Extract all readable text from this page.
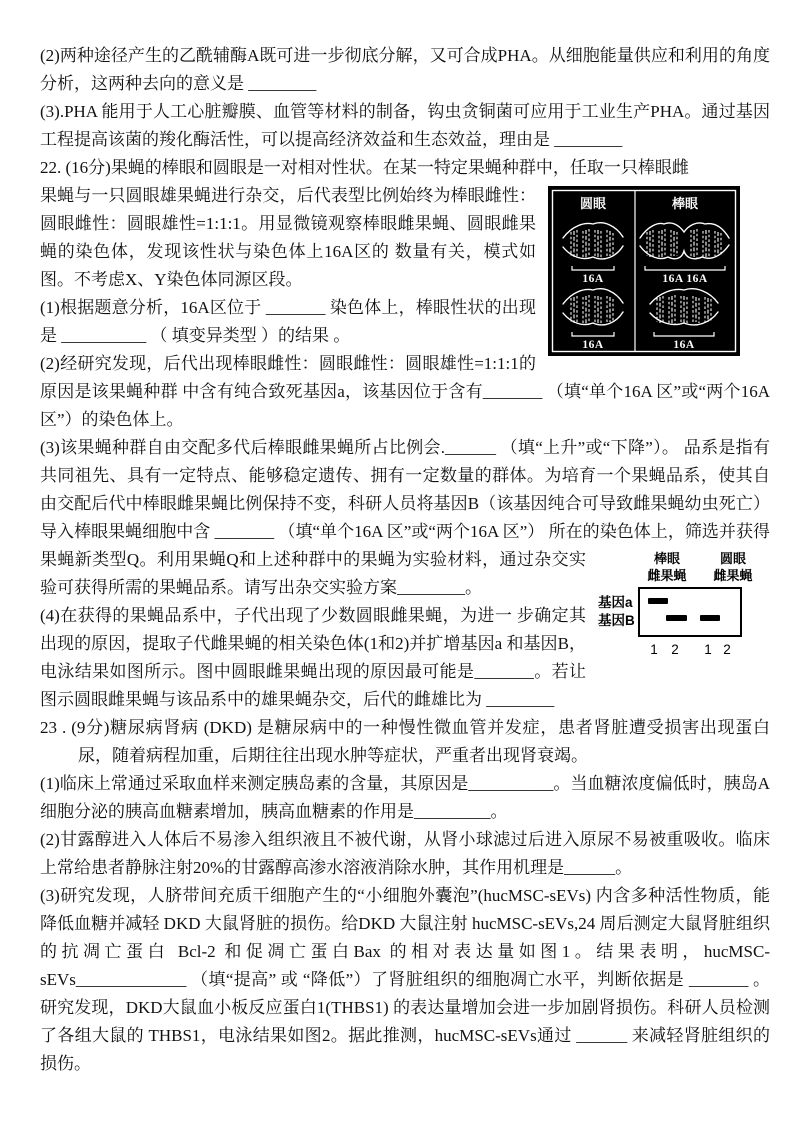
(2)两种途径产生的乙酰辅酶A既可进一步彻底分解，又可合成PHA。从细胞能量供应和利用的角度分析，这两种去向的意义是 ________

(3).PHA 能用于人工心脏瓣膜、血管等材料的制备，钩虫贪铜菌可应用于工业生产PHA。通过基因工程提高该菌的羧化酶活性，可以提高经济效益和生态效益，理由是 ________

22. (16分)果蝇的棒眼和圆眼是一对相对性状。在某一特定果蝇种群中，任取一只棒眼雌

圆眼	棒眼
16A	16A 16A
16A	16A

果蝇与一只圆眼雄果蝇进行杂交，后代表型比例始终为棒眼雌性：圆眼雌性：圆眼雄性=1:1:1。用显微镜观察棒眼雌果蝇、圆眼雌果蝇的染色体，发现该性状与染色体上16A区的 数量有关，模式如图。不考虑X、Y染色体同源区段。

(1)根据题意分析，16A区位于 _______ 染色体上，棒眼性状的出现是 __________ （ 填变异类型 ）的结果 。

(2)经研究发现，后代出现棒眼雌性：圆眼雌性：圆眼雄性=1:1:1的原因是该果蝇种群 中含有纯合致死基因a，该基因位于含有_______ （填“单个16A 区”或“两个16A区”）的染色体上。

(3)该果蝇种群自由交配多代后棒眼雌果蝇所占比例会.______ （填“上升”或“下降”）。 品系是指有共同祖先、具有一定特点、能够稳定遗传、拥有一定数量的群体。为培育一个果蝇品系，使其自由交配后代中棒眼雌果蝇比例保持不变，科研人员将基因B（该基因纯合可导致雌果蝇幼虫死亡）导入棒眼果蝇细胞中含 _______ （填“单个16A 区”或“两个16A 区”） 所在的染色体
棒眼
雌果蝇
圆眼
雌果蝇
基因a
基因B
1 2 1 2
上，筛选并获得果蝇新类型Q。利用果蝇Q和上述种群中的果蝇为实验材料，通过杂交实验可获得所需的果蝇品系。请写出杂交实验方案________。

(4)在获得的果蝇品系中，子代出现了少数圆眼雌果蝇，为进一 步确定其出现的原因，提取子代雌果蝇的相关染色体(1和2)并扩增基因a 和基因B，电泳结果如图所示。图中圆眼雌果蝇出现的原因最可能是_______。若让图示圆眼雌果蝇与该品系中的雄果蝇杂交，后代的雌雄比为 ________

23 . (9分)糖尿病肾病 (DKD) 是糖尿病中的一种慢性微血管并发症，患者肾脏遭受损害出现蛋白尿，随着病程加重，后期往往出现水肿等症状，严重者出现肾衰竭。

(1)临床上常通过采取血样来测定胰岛素的含量，其原因是__________。当血糖浓度偏低时，胰岛A细胞分泌的胰高血糖素增加，胰高血糖素的作用是_________。

(2)甘露醇进入人体后不易渗入组织液且不被代谢，从肾小球滤过后进入原尿不易被重吸收。临床上常给患者静脉注射20%的甘露醇高渗水溶液消除水肿，其作用机理是______。

(3)研究发现，人脐带间充质干细胞产生的“小细胞外囊泡”(hucMSC-sEVs) 内含多种活性物质，能降低血糖并减轻 DKD 大鼠肾脏的损伤。给DKD 大鼠注射 hucMSC-sEVs,24 周后测定大鼠肾脏组织的抗凋亡蛋白 Bcl-2 和促凋亡蛋白Bax 的相对表达量如图1。结果表明，hucMSC-sEVs_____________ （填“提高” 或 “降低”）了肾脏组织的细胞凋亡水平，判断依据是 _______ 。研究发现，DKD大鼠血小板反应蛋白1(THBS1) 的表达量增加会进一步加剧肾损伤。科研人员检测了各组大鼠的 THBS1，电泳结果如图2。据此推测，hucMSC-sEVs通过 ______ 来减轻肾脏组织的损伤。
